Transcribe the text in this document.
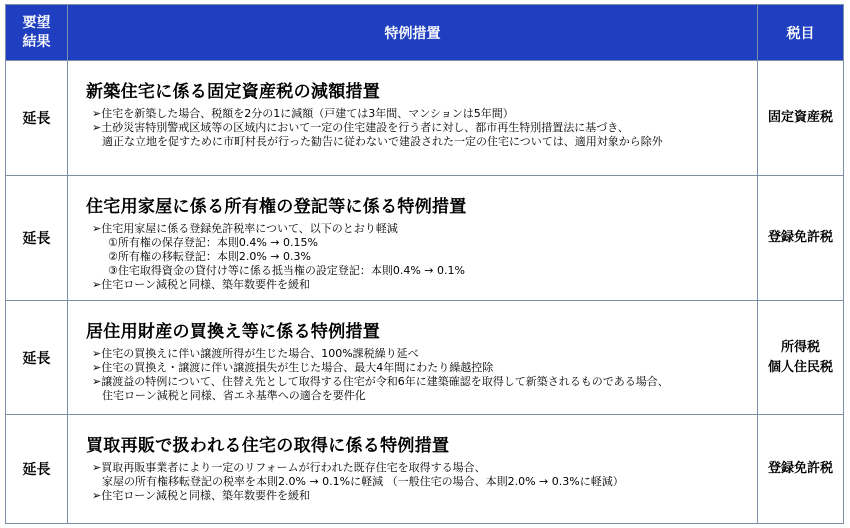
要望
結果	特例措置	税目
延長
新築住宅に係る固定資産税の減額措置
➢住宅を新築した場合、税額を2分の1に減額（戸建ては3年間、マンションは5年間）
➢土砂災害特別警戒区域等の区域内において一定の住宅建設を行う者に対し、都市再生特別措置法に基づき、
適正な立地を促すために市町村長が行った勧告に従わないで建設された一定の住宅については、適用対象から除外
固定資産税
延長
住宅用家屋に係る所有権の登記等に係る特例措置
➢住宅用家屋に係る登録免許税率について、以下のとおり軽減
①所有権の保存登記：本則0.4% → 0.15%
②所有権の移転登記：本則2.0% → 0.3%
③住宅取得資金の貸付け等に係る抵当権の設定登記：本則0.4% → 0.1%
➢住宅ローン減税と同様、築年数要件を緩和
登録免許税
延長
居住用財産の買換え等に係る特例措置
➢住宅の買換えに伴い譲渡所得が生じた場合、100%課税繰り延べ
➢住宅の買換え・譲渡に伴い譲渡損失が生じた場合、最大4年間にわたり繰越控除
➢譲渡益の特例について、住替え先として取得する住宅が令和6年に建築確認を取得して新築されるものである場合、
住宅ローン減税と同様、省エネ基準への適合を要件化
所得税
個人住民税
延長
買取再販で扱われる住宅の取得に係る特例措置
➢買取再販事業者により一定のリフォームが行われた既存住宅を取得する場合、
家屋の所有権移転登記の税率を本則2.0% → 0.1%に軽減 （一般住宅の場合、本則2.0% → 0.3%に軽減）
➢住宅ローン減税と同様、築年数要件を緩和
登録免許税
